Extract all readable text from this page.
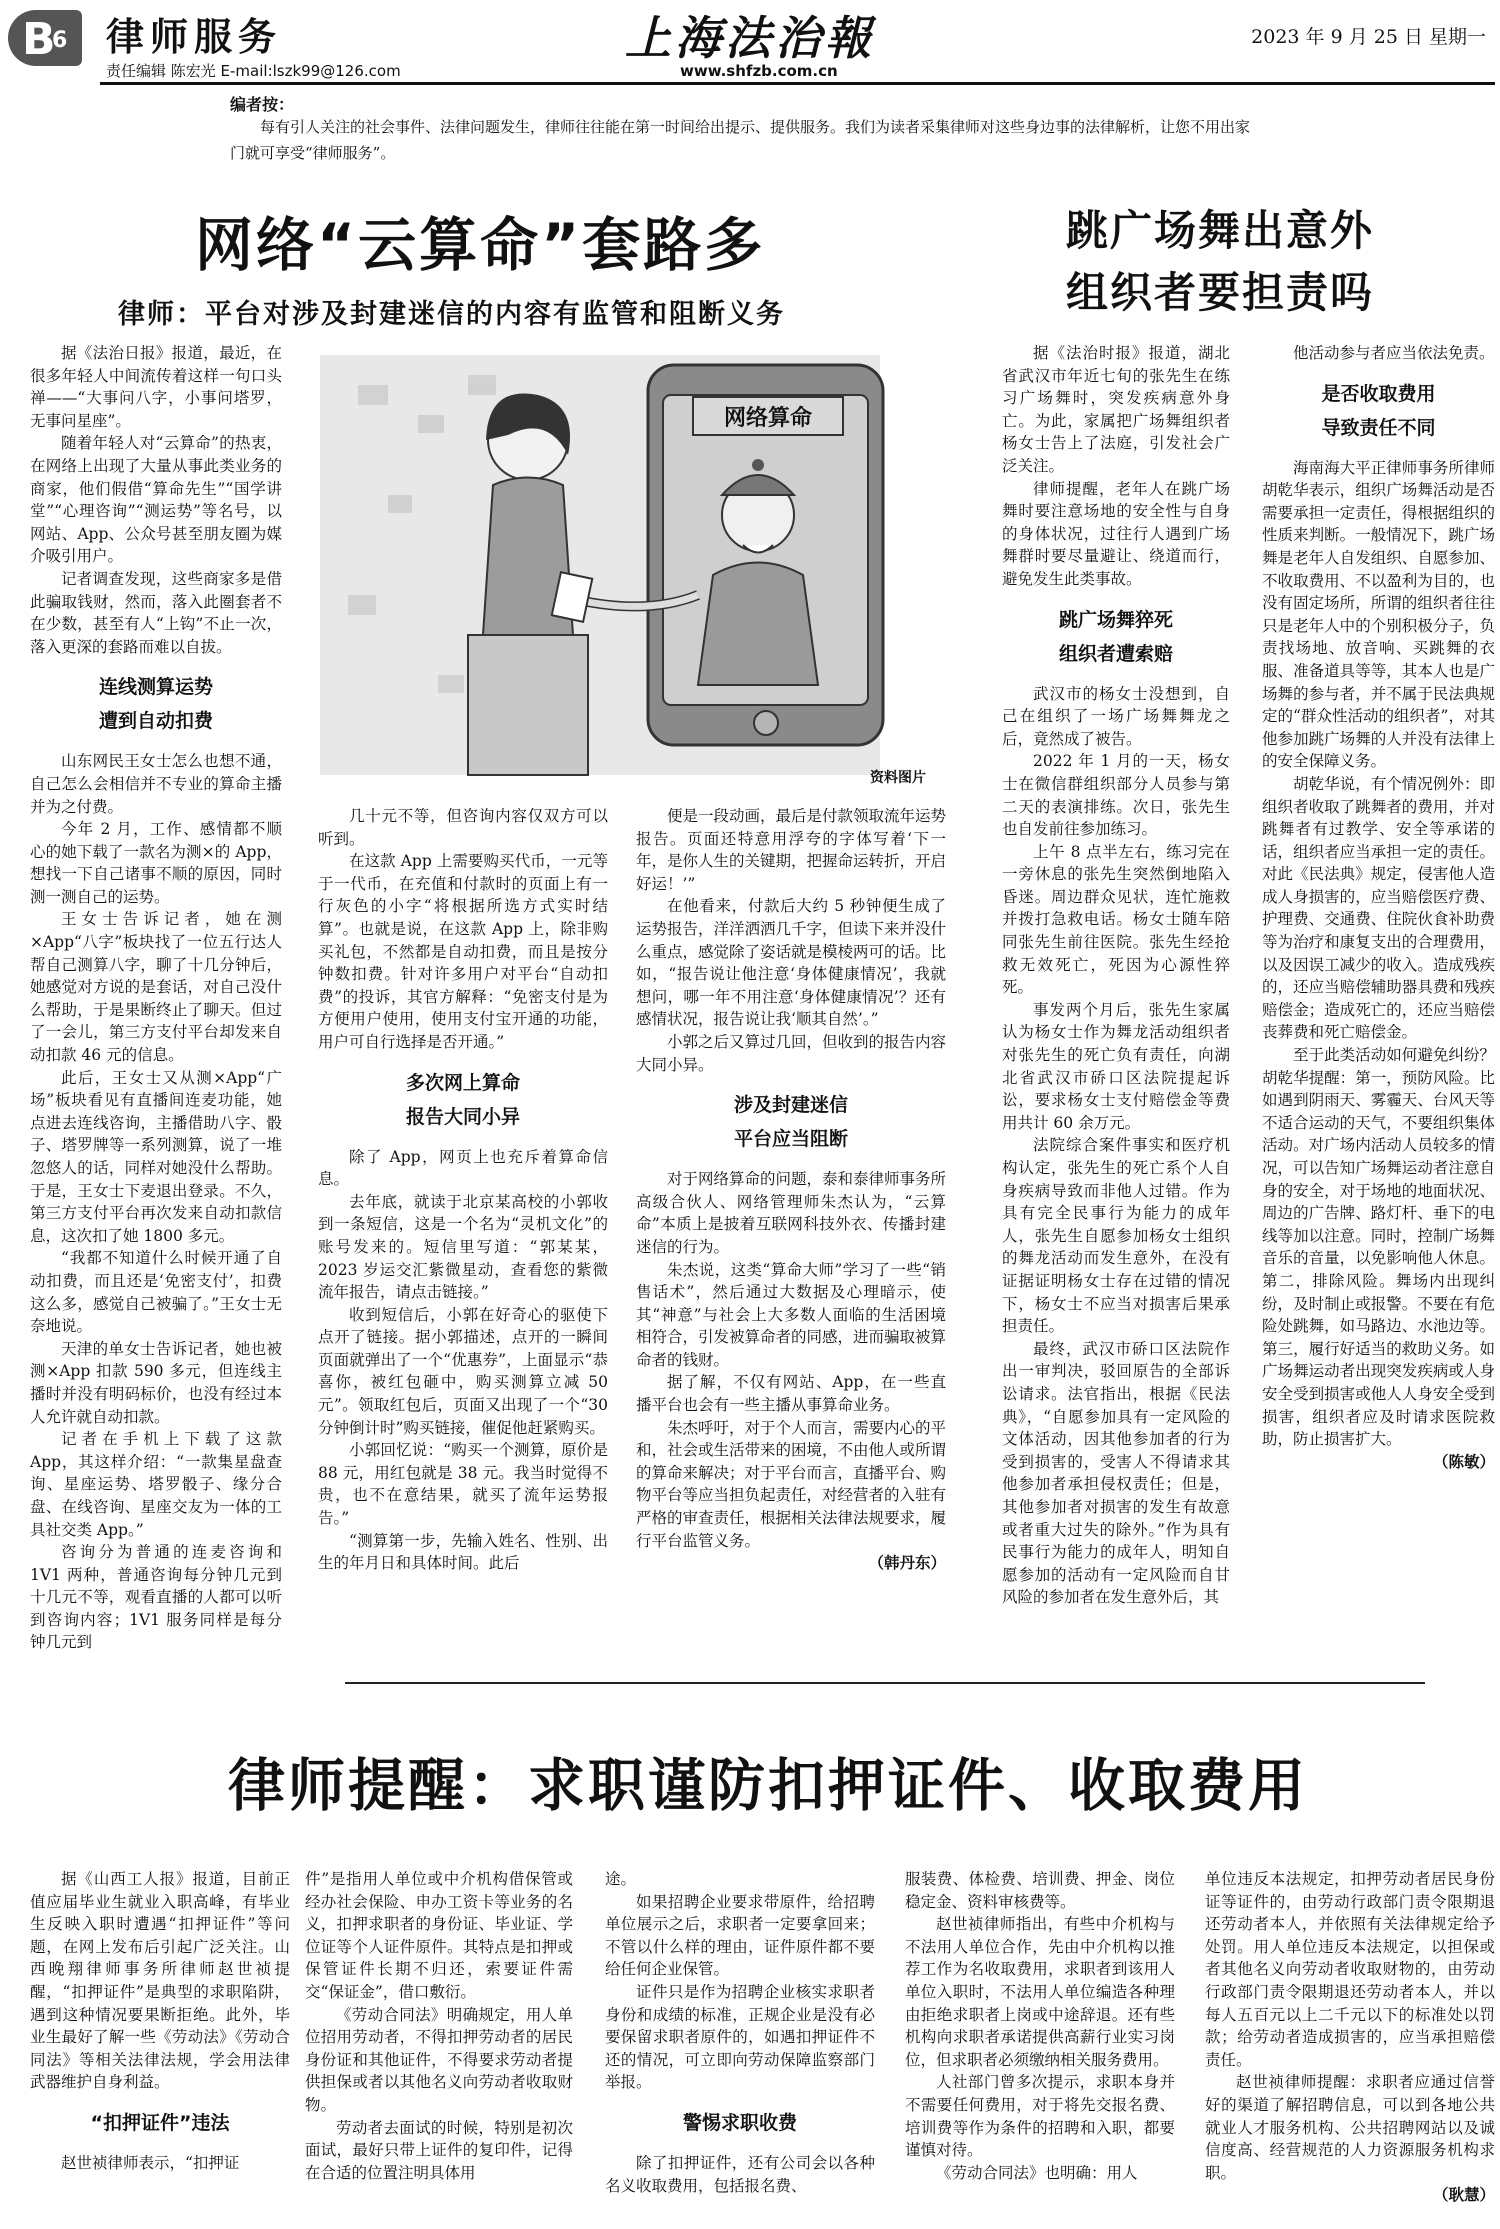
B
6 律师服务
责任编辑 陈宏光 E-mail:lszk99@126.com
上海法治報
www.shfzb.com.cn
2023 年 9 月 25 日 星期一
编者按：
每有引人关注的社会事件、法律问题发生，律师往往能在第一时间给出提示、提供服务。我们为读者采集律师对这些身边事的法律解析，让您不用出家门就可享受“律师服务”。
网络“云算命”套路多
律师：平台对涉及封建迷信的内容有监管和阻断义务
网络算命
资料图片

据《法治日报》报道，最近，在很多年轻人中间流传着这样一句口头禅——“大事问八字，小事问塔罗，无事问星座”。

随着年轻人对“云算命”的热衷，在网络上出现了大量从事此类业务的商家，他们假借“算命先生”“国学讲堂”“心理咨询”“测运势”等名号，以网站、App、公众号甚至朋友圈为媒介吸引用户。

记者调查发现，这些商家多是借此骗取钱财，然而，落入此圈套者不在少数，甚至有人“上钩”不止一次，落入更深的套路而难以自拔。

连线测算运势
遭到自动扣费

山东网民王女士怎么也想不通，自己怎么会相信并不专业的算命主播并为之付费。

今年 2 月，工作、感情都不顺心的她下载了一款名为测×的 App，想找一下自己诸事不顺的原因，同时测一测自己的运势。

王女士告诉记者，她在测×App“八字”板块找了一位五行达人帮自己测算八字，聊了十几分钟后，她感觉对方说的是套话，对自己没什么帮助，于是果断终止了聊天。但过了一会儿，第三方支付平台却发来自动扣款 46 元的信息。

此后，王女士又从测×App“广场”板块看见有直播间连麦功能，她点进去连线咨询，主播借助八字、骰子、塔罗牌等一系列测算，说了一堆忽悠人的话，同样对她没什么帮助。于是，王女士下麦退出登录。不久，第三方支付平台再次发来自动扣款信息，这次扣了她 1800 多元。

“我都不知道什么时候开通了自动扣费，而且还是‘免密支付’，扣费这么多，感觉自己被骗了。”王女士无奈地说。

天津的单女士告诉记者，她也被测×App 扣款 590 多元，但连线主播时并没有明码标价，也没有经过本人允许就自动扣款。

记者在手机上下载了这款 App，其这样介绍：“一款集星盘查询、星座运势、塔罗骰子、缘分合盘、在线咨询、星座交友为一体的工具社交类 App。”

咨询分为普通的连麦咨询和 1V1 两种，普通咨询每分钟几元到十几元不等，观看直播的人都可以听到咨询内容；1V1 服务同样是每分钟几元到

几十元不等，但咨询内容仅双方可以听到。

在这款 App 上需要购买代币，一元等于一代币，在充值和付款时的页面上有一行灰色的小字“将根据所选方式实时结算”。也就是说，在这款 App 上，除非购买礼包，不然都是自动扣费，而且是按分钟数扣费。针对许多用户对平台“自动扣费”的投诉，其官方解释：“免密支付是为方便用户使用，使用支付宝开通的功能，用户可自行选择是否开通。”

多次网上算命
报告大同小异

除了 App，网页上也充斥着算命信息。

去年底，就读于北京某高校的小郭收到一条短信，这是一个名为“灵机文化”的账号发来的。短信里写道：“郭某某，2023 岁运交汇紫微星动，查看您的紫微流年报告，请点击链接。”

收到短信后，小郭在好奇心的驱使下点开了链接。据小郭描述，点开的一瞬间页面就弹出了一个“优惠券”，上面显示“恭喜你，被红包砸中，购买测算立减 50 元”。领取红包后，页面又出现了一个“30 分钟倒计时”购买链接，催促他赶紧购买。

小郭回忆说：“购买一个测算，原价是 88 元，用红包就是 38 元。我当时觉得不贵，也不在意结果，就买了流年运势报告。”

“测算第一步，先输入姓名、性别、出生的年月日和具体时间。此后

便是一段动画，最后是付款领取流年运势报告。页面还特意用浮夸的字体写着‘下一年，是你人生的关键期，把握命运转折，开启好运！’”

在他看来，付款后大约 5 秒钟便生成了运势报告，洋洋洒洒几千字，但读下来并没什么重点，感觉除了姿话就是模棱两可的话。比如，“报告说让他注意‘身体健康情况’，我就想问，哪一年不用注意‘身体健康情况’？还有感情状况，报告说让我‘顺其自然’。”

小郭之后又算过几回，但收到的报告内容大同小异。

涉及封建迷信
平台应当阻断

对于网络算命的问题，泰和泰律师事务所高级合伙人、网络管理师朱杰认为，“云算命”本质上是披着互联网科技外衣、传播封建迷信的行为。

朱杰说，这类“算命大师”学习了一些“销售话术”，然后通过大数据及心理暗示，使其“神意”与社会上大多数人面临的生活困境相符合，引发被算命者的同感，进而骗取被算命者的钱财。

据了解，不仅有网站、App，在一些直播平台也会有一些主播从事算命业务。

朱杰呼吁，对于个人而言，需要内心的平和，社会或生活带来的困境，不由他人或所谓的算命来解决；对于平台而言，直播平台、购物平台等应当担负起责任，对经营者的入驻有严格的审查责任，根据相关法律法规要求，履行平台监管义务。

（韩丹东）

跳广场舞出意外
组织者要担责吗

据《法治时报》报道，湖北省武汉市年近七旬的张先生在练习广场舞时，突发疾病意外身亡。为此，家属把广场舞组织者杨女士告上了法庭，引发社会广泛关注。

律师提醒，老年人在跳广场舞时要注意场地的安全性与自身的身体状况，过往行人遇到广场舞群时要尽量避让、绕道而行，避免发生此类事故。

跳广场舞猝死
组织者遭索赔

武汉市的杨女士没想到，自己在组织了一场广场舞舞龙之后，竟然成了被告。

2022 年 1 月的一天，杨女士在微信群组织部分人员参与第二天的表演排练。次日，张先生也自发前往参加练习。

上午 8 点半左右，练习完在一旁休息的张先生突然倒地陷入昏迷。周边群众见状，连忙施救并拨打急救电话。杨女士随车陪同张先生前往医院。张先生经抢救无效死亡，死因为心源性猝死。

事发两个月后，张先生家属认为杨女士作为舞龙活动组织者对张先生的死亡负有责任，向湖北省武汉市硚口区法院提起诉讼，要求杨女士支付赔偿金等费用共计 60 余万元。

法院综合案件事实和医疗机构认定，张先生的死亡系个人自身疾病导致而非他人过错。作为具有完全民事行为能力的成年人，张先生自愿参加杨女士组织的舞龙活动而发生意外，在没有证据证明杨女士存在过错的情况下，杨女士不应当对损害后果承担责任。

最终，武汉市硚口区法院作出一审判决，驳回原告的全部诉讼请求。法官指出，根据《民法典》，“自愿参加具有一定风险的文体活动，因其他参加者的行为受到损害的，受害人不得请求其他参加者承担侵权责任；但是，其他参加者对损害的发生有故意或者重大过失的除外。”作为具有民事行为能力的成年人，明知自愿参加的活动有一定风险而自甘风险的参加者在发生意外后，其

他活动参与者应当依法免责。

是否收取费用
导致责任不同

海南海大平正律师事务所律师胡乾华表示，组织广场舞活动是否需要承担一定责任，得根据组织的性质来判断。一般情况下，跳广场舞是老年人自发组织、自愿参加、不收取费用、不以盈利为目的，也没有固定场所，所谓的组织者往往只是老年人中的个别积极分子，负责找场地、放音响、买跳舞的衣服、准备道具等等，其本人也是广场舞的参与者，并不属于民法典规定的“群众性活动的组织者”，对其他参加跳广场舞的人并没有法律上的安全保障义务。

胡乾华说，有个情况例外：即组织者收取了跳舞者的费用，并对跳舞者有过教学、安全等承诺的话，组织者应当承担一定的责任。对此《民法典》规定，侵害他人造成人身损害的，应当赔偿医疗费、护理费、交通费、住院伙食补助费等为治疗和康复支出的合理费用，以及因误工减少的收入。造成残疾的，还应当赔偿辅助器具费和残疾赔偿金；造成死亡的，还应当赔偿丧葬费和死亡赔偿金。

至于此类活动如何避免纠纷？胡乾华提醒：第一，预防风险。比如遇到阴雨天、雾霾天、台风天等不适合运动的天气，不要组织集体活动。对广场内活动人员较多的情况，可以告知广场舞运动者注意自身的安全，对于场地的地面状况、周边的广告牌、路灯杆、垂下的电线等加以注意。同时，控制广场舞音乐的音量，以免影响他人休息。第二，排除风险。舞场内出现纠纷，及时制止或报警。不要在有危险处跳舞，如马路边、水池边等。第三，履行好适当的救助义务。如广场舞运动者出现突发疾病或人身安全受到损害或他人人身安全受到损害，组织者应及时请求医院救助，防止损害扩大。

（陈敏）

律师提醒：求职谨防扣押证件、收取费用

据《山西工人报》报道，目前正值应届毕业生就业入职高峰，有毕业生反映入职时遭遇“扣押证件”等问题，在网上发布后引起广泛关注。山西晚翔律师事务所律师赵世祯提醒，“扣押证件”是典型的求职陷阱，遇到这种情况要果断拒绝。此外，毕业生最好了解一些《劳动法》《劳动合同法》等相关法律法规，学会用法律武器维护自身利益。

“扣押证件”违法

赵世祯律师表示，“扣押证

件”是指用人单位或中介机构借保管或经办社会保险、申办工资卡等业务的名义，扣押求职者的身份证、毕业证、学位证等个人证件原件。其特点是扣押或保管证件长期不归还，索要证件需交“保证金”，借口敷衍。

《劳动合同法》明确规定，用人单位招用劳动者，不得扣押劳动者的居民身份证和其他证件，不得要求劳动者提供担保或者以其他名义向劳动者收取财物。

劳动者去面试的时候，特别是初次面试，最好只带上证件的复印件，记得在合适的位置注明具体用

途。

如果招聘企业要求带原件，给招聘单位展示之后，求职者一定要拿回来；不管以什么样的理由，证件原件都不要给任何企业保管。

证件只是作为招聘企业核实求职者身份和成绩的标准，正规企业是没有必要保留求职者原件的，如遇扣押证件不还的情况，可立即向劳动保障监察部门举报。

警惕求职收费

除了扣押证件，还有公司会以各种名义收取费用，包括报名费、

服装费、体检费、培训费、押金、岗位稳定金、资料审核费等。

赵世祯律师指出，有些中介机构与不法用人单位合作，先由中介机构以推荐工作为名收取费用，求职者到该用人单位入职时，不法用人单位编造各种理由拒绝求职者上岗或中途辞退。还有些机构向求职者承诺提供高薪行业实习岗位，但求职者必须缴纳相关服务费用。

人社部门曾多次提示，求职本身并不需要任何费用，对于将先交报名费、培训费等作为条件的招聘和入职，都要谨慎对待。

《劳动合同法》也明确：用人

单位违反本法规定，扣押劳动者居民身份证等证件的，由劳动行政部门责令限期退还劳动者本人，并依照有关法律规定给予处罚。用人单位违反本法规定，以担保或者其他名义向劳动者收取财物的，由劳动行政部门责令限期退还劳动者本人，并以每人五百元以上二千元以下的标准处以罚款；给劳动者造成损害的，应当承担赔偿责任。

赵世祯律师提醒：求职者应通过信誉好的渠道了解招聘信息，可以到各地公共就业人才服务机构、公共招聘网站以及诚信度高、经营规范的人力资源服务机构求职。

（耿慧）
